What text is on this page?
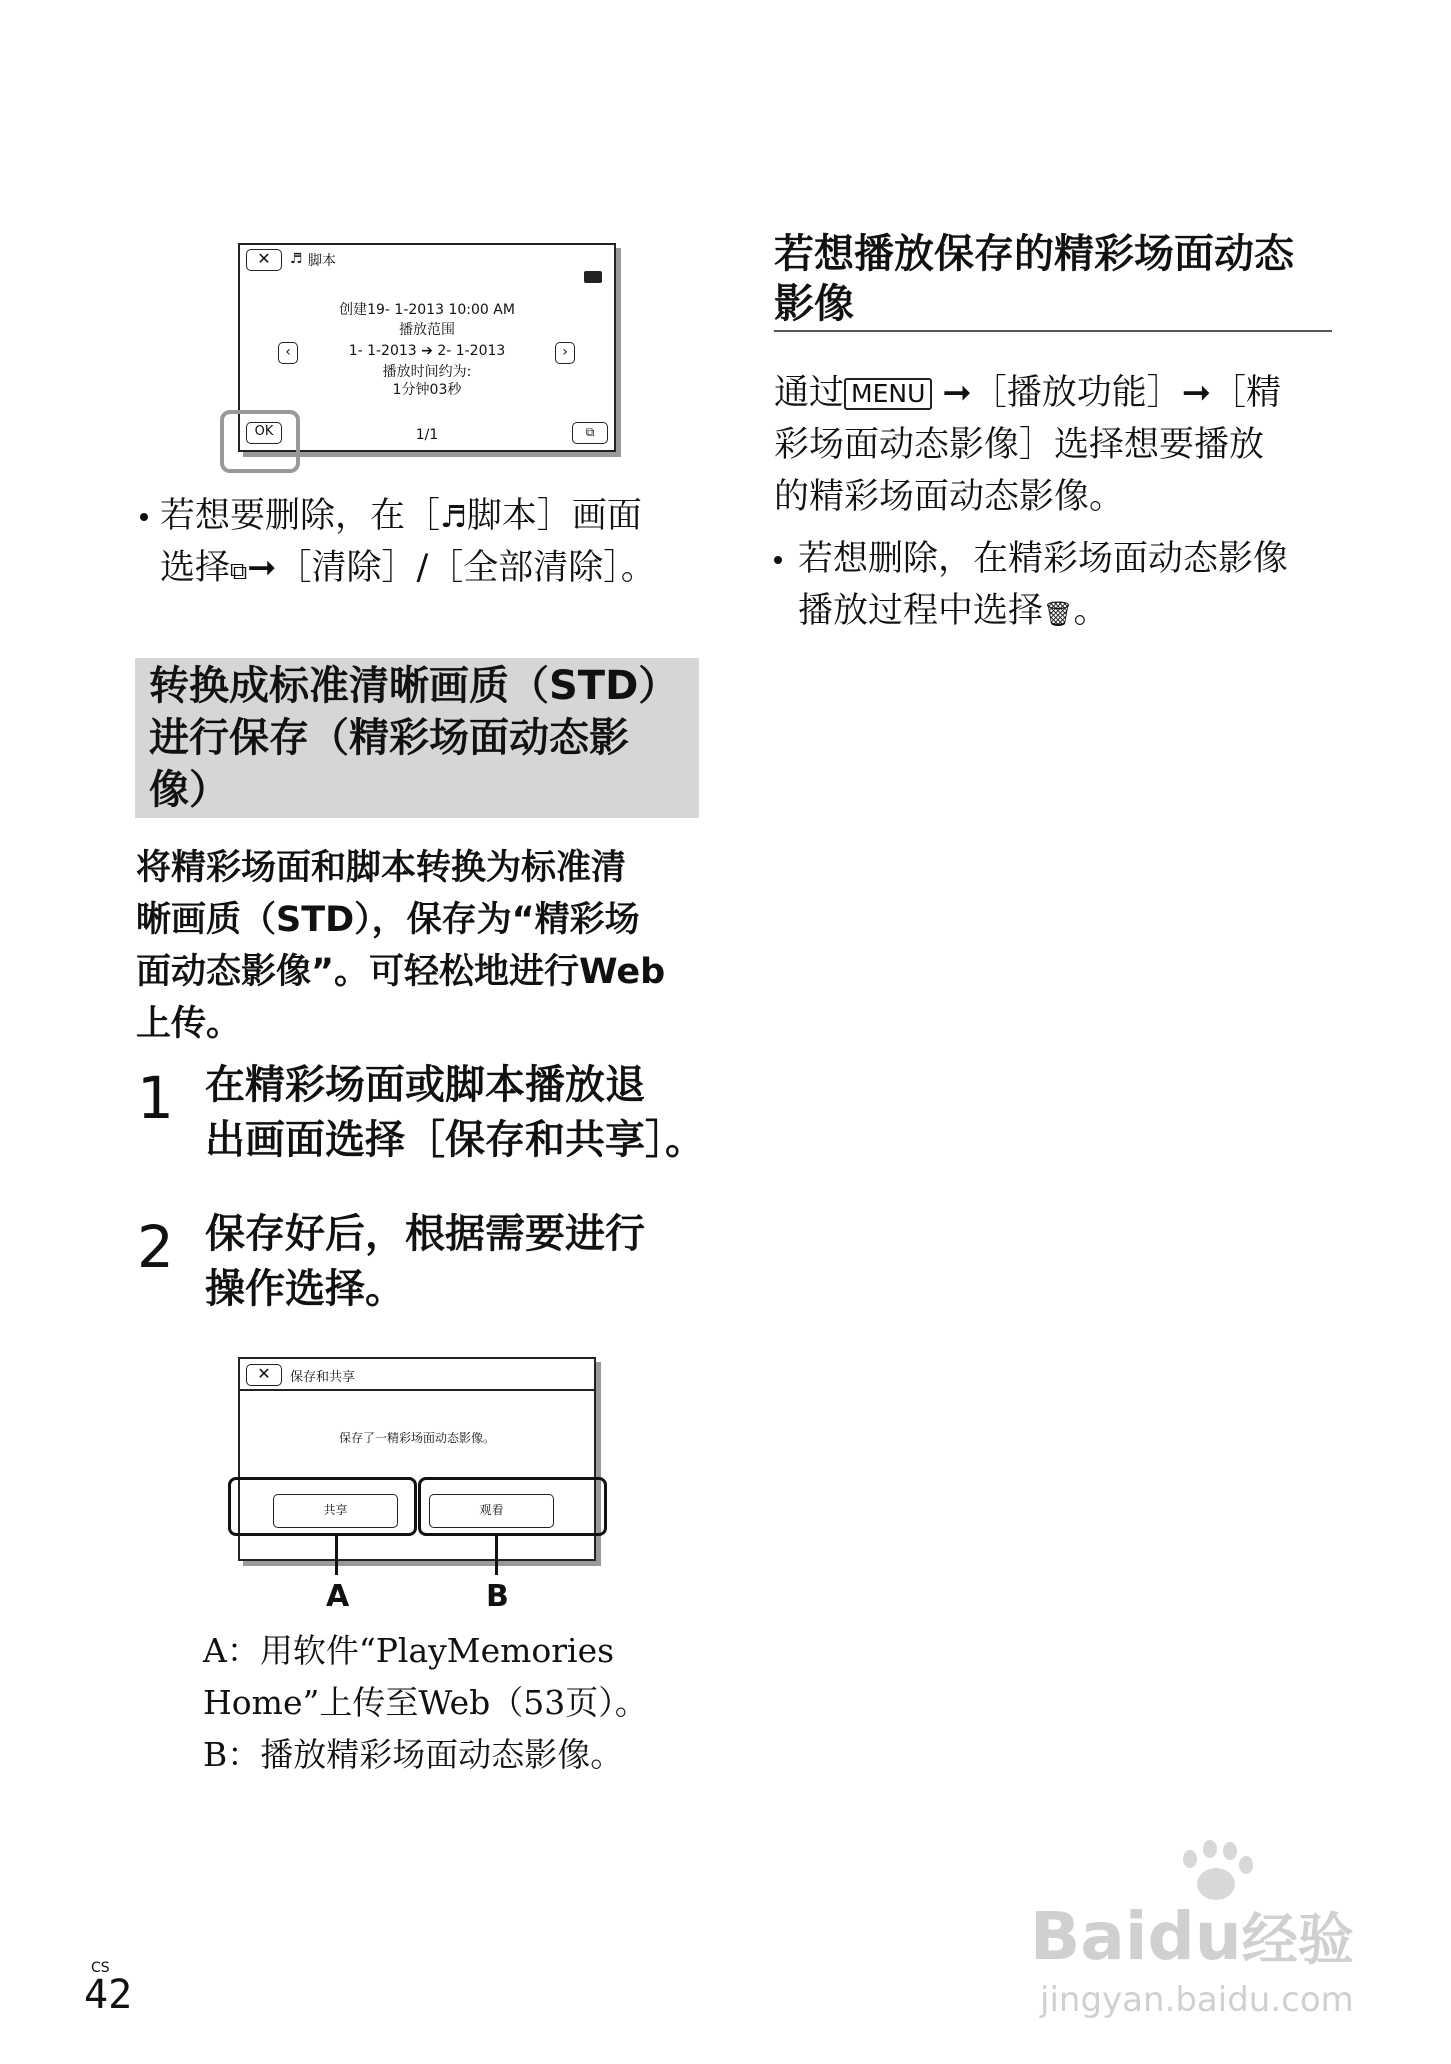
✕	♬ 脚本
创建19- 1-2013 10:00 AM
播放范围
1- 1-2013 ➔ 2- 1-2013
播放时间约为:
1分钟03秒
‹	›
OK	1/1	⧉
若想要删除，在［♬脚本］画面
选择⧉➞［清除］/［全部清除］。
转换成标准清晰画质（STD）
进行保存（精彩场面动态影
像）
将精彩场面和脚本转换为标准清
晰画质（STD），保存为“精彩场
面动态影像”。可轻松地进行Web
上传。
1 在精彩场面或脚本播放退
出画面选择［保存和共享］。
2 保存好后，根据需要进行
操作选择。
✕	保存和共享
保存了一精彩场面动态影像。
共享	观看
A	B
A：用软件“PlayMemories
Home”上传至Web（53页）。
B：播放精彩场面动态影像。
若想播放保存的精彩场面动态
影像
通过 MENU ➞［播放功能］➞［精
彩场面动态影像］选择想要播放
的精彩场面动态影像。
若想删除，在精彩场面动态影像
播放过程中选择🗑。
CS
42
Baidu经验
jingyan.baidu.com
